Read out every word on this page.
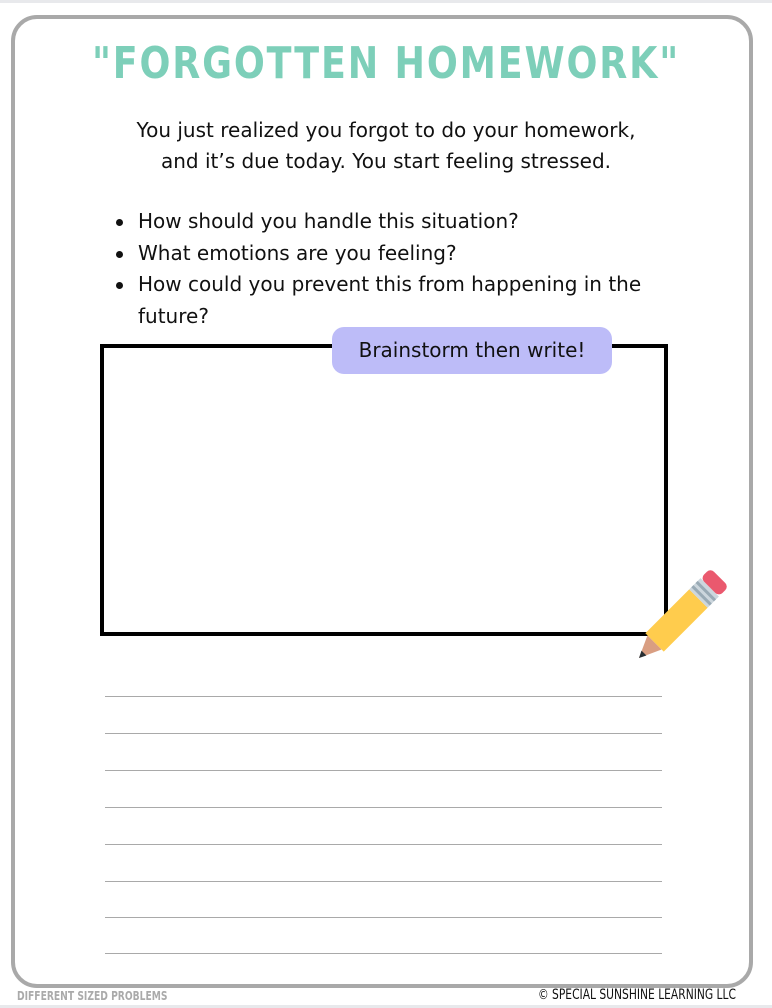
"FORGOTTEN HOMEWORK"
You just realized you forgot to do your homework,
and it’s due today. You start feeling stressed.
How should you handle this situation?
What emotions are you feeling?
How could you prevent this from happening in the future?
Brainstorm then write!
DIFFERENT SIZED PROBLEMS	© SPECIAL SUNSHINE LEARNING LLC
